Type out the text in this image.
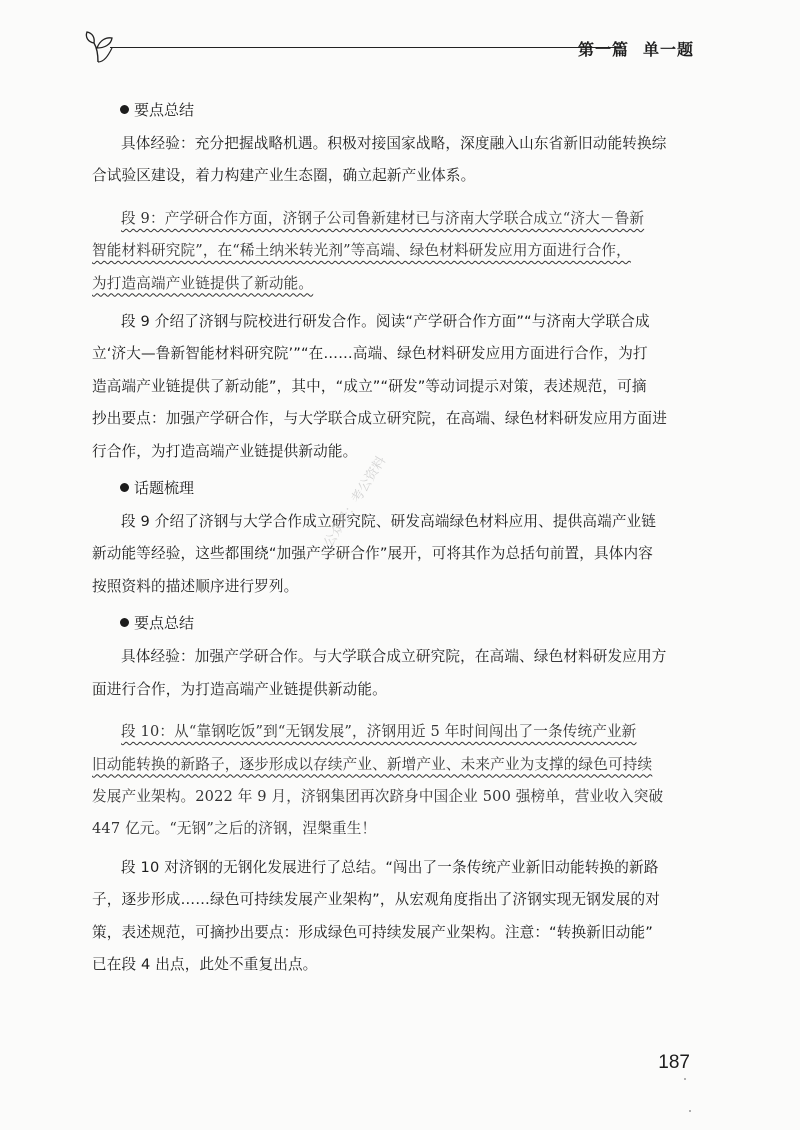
第一篇 单一题
要点总结
具体经验：充分把握战略机遇。积极对接国家战略，深度融入山东省新旧动能转换综
合试验区建设，着力构建产业生态圈，确立起新产业体系。
段 9：产学研合作方面，济钢子公司鲁新建材已与济南大学联合成立“济大－鲁新
智能材料研究院”，在“稀土纳米转光剂”等高端、绿色材料研发应用方面进行合作，
为打造高端产业链提供了新动能。
段 9 介绍了济钢与院校进行研发合作。阅读“产学研合作方面”“与济南大学联合成
立‘济大—鲁新智能材料研究院’”“在……高端、绿色材料研发应用方面进行合作，为打
造高端产业链提供了新动能”，其中，“成立”“研发”等动词提示对策，表述规范，可摘
抄出要点：加强产学研合作，与大学联合成立研究院，在高端、绿色材料研发应用方面进
行合作，为打造高端产业链提供新动能。
话题梳理
段 9 介绍了济钢与大学合作成立研究院、研发高端绿色材料应用、提供高端产业链
新动能等经验，这些都围绕“加强产学研合作”展开，可将其作为总括句前置，具体内容
按照资料的描述顺序进行罗列。
要点总结
具体经验：加强产学研合作。与大学联合成立研究院，在高端、绿色材料研发应用方
面进行合作，为打造高端产业链提供新动能。
段 10：从“靠钢吃饭”到“无钢发展”，济钢用近 5 年时间闯出了一条传统产业新
旧动能转换的新路子，逐步形成以存续产业、新增产业、未来产业为支撑的绿色可持续
发展产业架构。2022 年 9 月，济钢集团再次跻身中国企业 500 强榜单，营业收入突破
447 亿元。“无钢”之后的济钢，涅槃重生！
段 10 对济钢的无钢化发展进行了总结。“闯出了一条传统产业新旧动能转换的新路
子，逐步形成……绿色可持续发展产业架构”，从宏观角度指出了济钢实现无钢发展的对
策，表述规范，可摘抄出要点：形成绿色可持续发展产业架构。注意：“转换新旧动能”
已在段 4 出点，此处不重复出点。
公众号：考公资料
187
